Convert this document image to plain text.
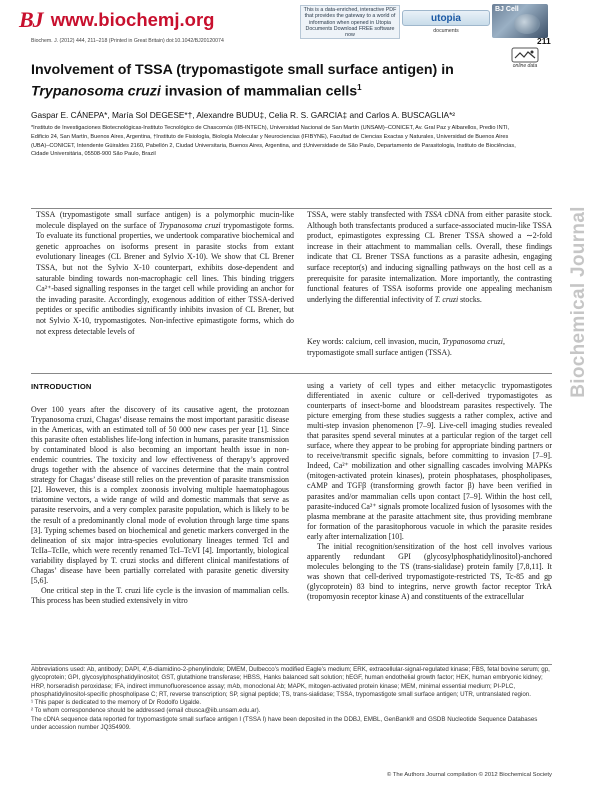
BJ www.biochemj.org	This is a data-enriched, interactive PDF that provides the gateway to a world of information when opened in Utopia Documents Download FREE software now
utopia
documents
BJ Cell
Biochem. J. (2012) 444, 211–218 (Printed in Great Britain) doi:10.1042/BJ20120074	211
online data
Involvement of TSSA (trypomastigote small surface antigen) in
Trypanosoma cruzi invasion of mammalian cells$^1$
Gaspar E. CÁNEPA*, María Sol DEGESE*†, Alexandre BUDU‡, Celia R. S. GARCIA‡ and Carlos A. BUSCAGLIA*²
*Instituto de Investigaciones Biotecnológicas-Instituto Tecnológico de Chascomús (IIB-INTECh), Universidad Nacional de San Martín (UNSAM)–CONICET, Av. Gral Paz y Albarellos, Predio INTI, Edificio 24, San Martín, Buenos Aires, Argentina, †Instituto de Fisiología, Biología Molecular y Neurociencias (IFIBYNE), Facultad de Ciencias Exactas y Naturales, Universidad de Buenos Aires (UBA)–CONICET, Intendente Güiraldes 2160, Pabellón 2, Ciudad Universitaria, Buenos Aires, Argentina, and ‡Universidade de São Paulo, Departamento de Parasitologia, Instituto de Biociências, Cidade Universitária, 05508-900 São Paulo, Brazil
Biochemical Journal
TSSA (trypomastigote small surface antigen) is a polymorphic mucin-like molecule displayed on the surface of Trypanosoma cruzi trypomastigote forms. To evaluate its functional properties, we undertook comparative biochemical and genetic approaches on isoforms present in parasite stocks from extant evolutionary lineages (CL Brener and Sylvio X-10). We show that CL Brener TSSA, but not the Sylvio X-10 counterpart, exhibits dose-dependent and saturable binding towards non-macrophagic cell lines. This binding triggers Ca²⁺-based signalling responses in the target cell while providing an anchor for the invading parasite. Accordingly, exogenous addition of either TSSA-derived peptides or specific antibodies significantly inhibits invasion of CL Brener, but not Sylvio X-10, trypomastigotes. Non-infective epimastigote forms, which do not express detectable levels of
TSSA, were stably transfected with TSSA cDNA from either parasite stock. Although both transfectants produced a surface-associated mucin-like TSSA product, epimastigotes expressing CL Brener TSSA showed a ∼2-fold increase in their attachment to mammalian cells. Overall, these findings indicate that CL Brener TSSA functions as a parasite adhesin, engaging surface receptor(s) and inducing signalling pathways on the host cell as a prerequisite for parasite internalization. More importantly, the contrasting functional features of TSSA isoforms provide one appealing mechanism underlying the differential infectivity of T. cruzi stocks.
Key words: calcium, cell invasion, mucin, Trypanosoma cruzi, trypomastigote small surface antigen (TSSA).
INTRODUCTION

Over 100 years after the discovery of its causative agent, the protozoan Trypanosoma cruzi, Chagas’ disease remains the most important parasitic disease in the Americas, with an estimated toll of 50 000 new cases per year [1]. Since this parasite often establishes life-long infection in humans, parasite transmission by contaminated blood is also becoming an important health issue in non-endemic countries. The toxicity and low effectiveness of therapy’s approved drugs together with the absence of vaccines determine that the main control strategy for Chagas’ disease still relies on the prevention of parasite transmission [2]. However, this is a complex zoonosis involving multiple haematophagous triatomine vectors, a wide range of wild and domestic mammals that serve as parasite reservoirs, and a very complex parasite population, which is likely to be the result of a predominantly clonal mode of evolution through large time spans [3]. Typing schemes based on biochemical and genetic markers converged in the delineation of six major intra-species evolutionary lineages termed TcI and TcIIa–TcIIe, which were recently renamed TcI–TcVI [4]. Importantly, biological variability displayed by T. cruzi stocks and different clinical manifestations of Chagas’ disease have been partially correlated with parasite genetic diversity [5,6].

One critical step in the T. cruzi life cycle is the invasion of mammalian cells. This process has been studied extensively in vitro

using a variety of cell types and either metacyclic trypomastigotes differentiated in axenic culture or cell-derived trypomastigotes as counterparts of insect-borne and bloodstream parasites respectively. The picture emerging from these studies suggests a rather complex, active and multi-step invasion phenomenon [7–9]. Live-cell imaging studies revealed that parasites spend several minutes at a particular region of the target cell surface, where they appear to be probing for appropriate binding partners or to receive/transmit specific signals, before committing to invasion [7–9]. Indeed, Ca²⁺ mobilization and other signalling cascades involving MAPKs (mitogen-activated protein kinases), protein phosphatases, phospholipases, cAMP and TGFβ (transforming growth factor β) have been verified in parasites and/or mammalian cells upon contact [7–9]. Within the host cell, parasite-induced Ca²⁺ signals promote localized fusion of lysosomes with the plasma membrane at the parasite attachment site, thus providing membrane for formation of the parasitophorous vacuole in which the parasite resides early after internalization [10].

The initial recognition/sensitization of the host cell involves various apparently redundant GPI (glycosylphosphatidylinositol)-anchored molecules belonging to the TS (trans-sialidase) protein family [7,8,11]. It was shown that cell-derived trypomastigote-restricted TS, Tc-85 and gp (glycoprotein) 83 bind to integrins, nerve growth factor receptor TrkA (tropomyosin receptor kinase A) and constituents of the extracellular

Abbreviations used: Ab, antibody; DAPI, 4′,6-diamidino-2-phenylindole; DMEM, Dulbecco’s modified Eagle’s medium; ERK, extracellular-signal-regulated kinase; FBS, fetal bovine serum; gp, glycoprotein; GPI, glycosylphosphatidylinositol; GST, glutathione transferase; HBSS, Hanks balanced salt solution; hEGF, human endothelial growth factor; HEK, human embryonic kidney; HRP, horseradish peroxidase; IFA, indirect immunofluorescence assay; mAb, monoclonal Ab; MAPK, mitogen-activated protein kinase; MEM, minimal essential medium; PI-PLC, phosphatidylinositol-specific phospholipase C; RT, reverse transcription; SP, signal peptide; TS, trans-sialidase; TSSA, trypomastigote small surface antigen; UTR, untranslated region.

¹ This paper is dedicated to the memory of Dr Rodolfo Ugalde.

² To whom correspondence should be addressed (email cbusca@iib.unsam.edu.ar).

The cDNA sequence data reported for trypomastigote small surface antigen I (TSSA I) have been deposited in the DDBJ, EMBL, GenBank® and GSDB Nucleotide Sequence Databases under accession number JQ354909.

© The Authors Journal compilation © 2012 Biochemical Society
